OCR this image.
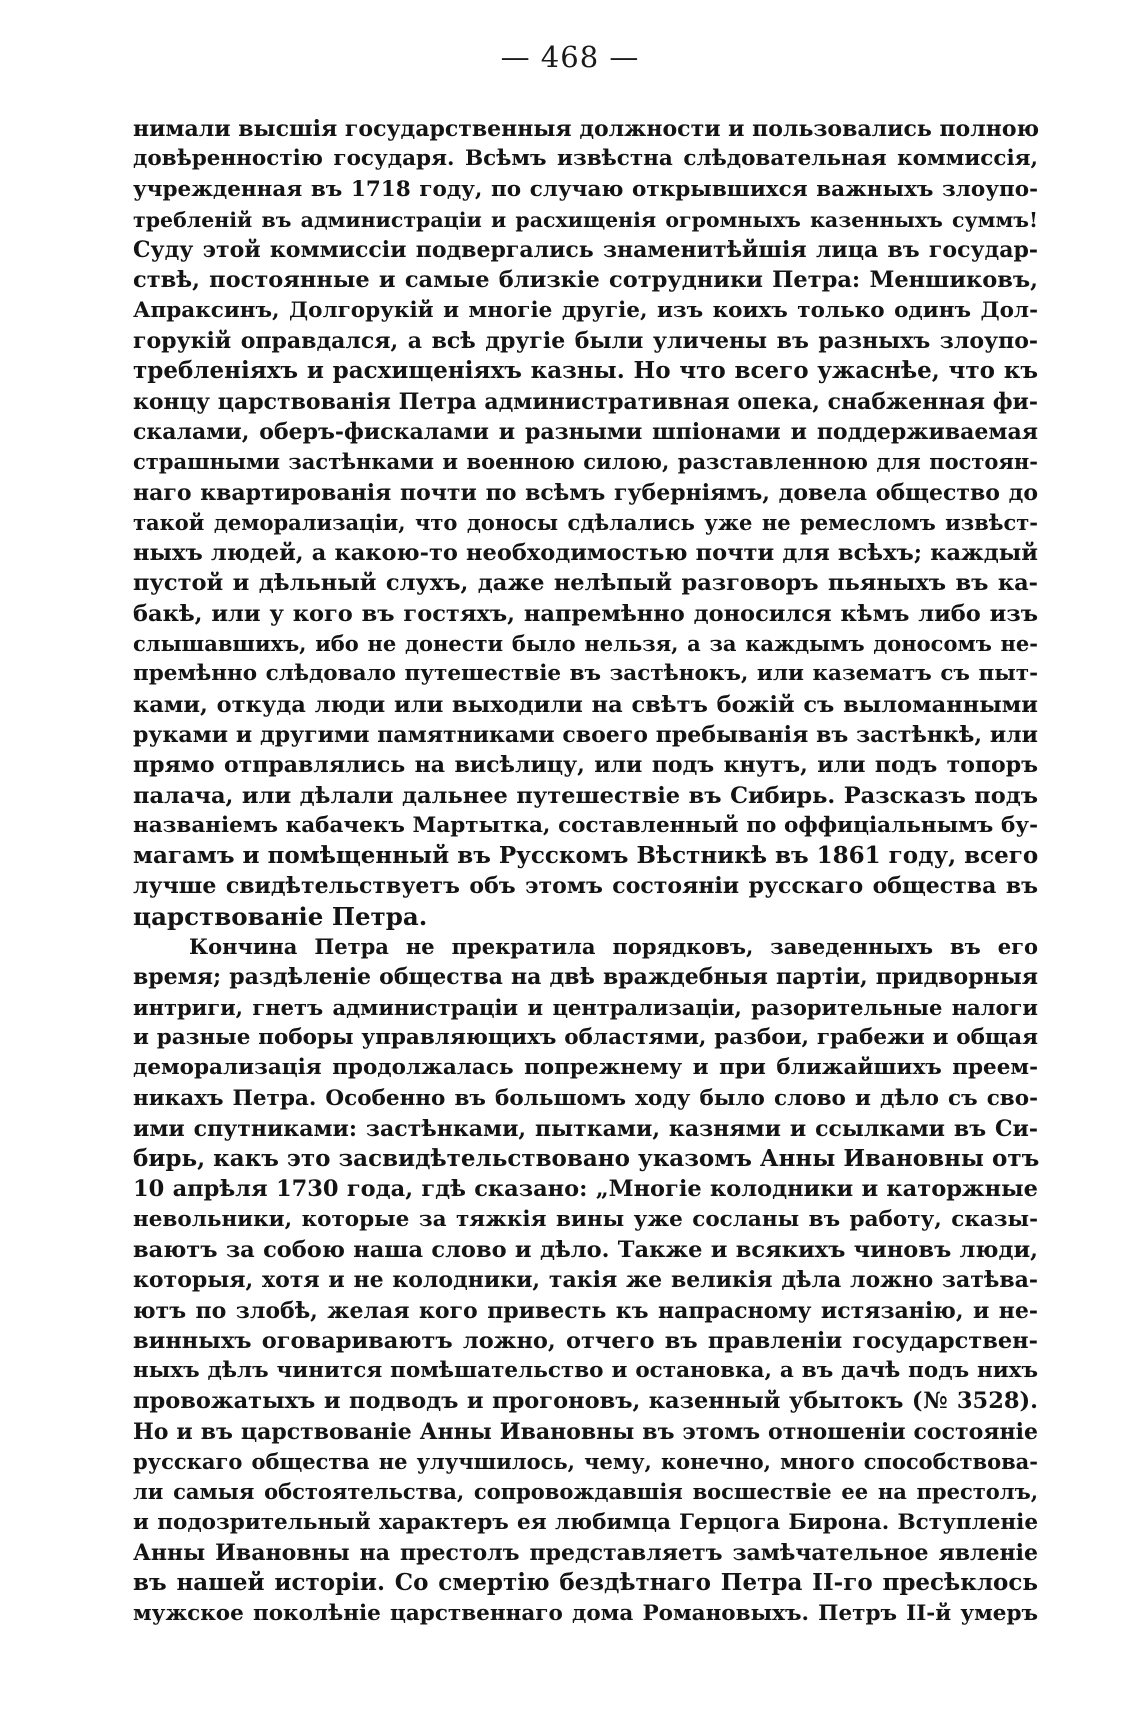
— 468 —
нимали высшiя государственныя должности и пользовались полною
довѣренностiю государя. Всѣмъ извѣстна слѣдовательная коммиссiя,
учрежденная въ 1718 году, по случаю открывшихся важныхъ злоупо-
требленiй въ администрацiи и расхищенiя огромныхъ казенныхъ суммъ!
Суду этой коммиссiи подвергались знаменитѣйшiя лица въ государ-
ствѣ, постоянные и самые близкiе сотрудники Петра: Меншиковъ,
Апраксинъ, Долгорукiй и многiе другiе, изъ коихъ только одинъ Дол-
горукiй оправдался, а всѣ другiе были уличены въ разныхъ злоупо-
требленiяхъ и расхищенiяхъ казны. Но что всего ужаснѣе, что къ
концу царствованiя Петра административная опека, снабженная фи-
скалами, оберъ-фискалами и разными шпiонами и поддерживаемая
страшными застѣнками и военною силою, разставленною для постоян-
наго квартированiя почти по всѣмъ губернiямъ, довела общество до
такой деморализацiи, что доносы сдѣлались уже не ремесломъ извѣст-
ныхъ людей, а какою-то необходимостью почти для всѣхъ; каждый
пустой и дѣльный слухъ, даже нелѣпый разговоръ пьяныхъ въ ка-
бакѣ, или у кого въ гостяхъ, напремѣнно доносился кѣмъ либо изъ
слышавшихъ, ибо не донести было нельзя, а за каждымъ доносомъ не-
премѣнно слѣдовало путешествiе въ застѣнокъ, или казематъ съ пыт-
ками, откуда люди или выходили на свѣтъ божiй съ выломанными
руками и другими памятниками своего пребыванiя въ застѣнкѣ, или
прямо отправлялись на висѣлицу, или подъ кнутъ, или подъ топоръ
палача, или дѣлали дальнее путешествiе въ Сибирь. Разсказъ подъ
названiемъ кабачекъ Мартытка, составленный по оффицiальнымъ бу-
магамъ и помѣщенный въ Русскомъ Вѣстникѣ въ 1861 году, всего
лучше свидѣтельствуетъ объ этомъ состоянiи русскаго общества въ
царствованiе Петра.
Кончина Петра не прекратила порядковъ, заведенныхъ въ его
время; раздѣленiе общества на двѣ враждебныя партiи, придворныя
интриги, гнетъ администрацiи и централизацiи, разорительные налоги
и разные поборы управляющихъ областями, разбои, грабежи и общая
деморализацiя продолжалась попрежнему и при ближайшихъ преем-
никахъ Петра. Особенно въ большомъ ходу было слово и дѣло съ сво-
ими спутниками: застѣнками, пытками, казнями и ссылками въ Си-
бирь, какъ это засвидѣтельствовано указомъ Анны Ивановны отъ
10 апрѣля 1730 года, гдѣ сказано: „Многiе колодники и каторжные
невольники, которые за тяжкiя вины уже сосланы въ работу, сказы-
ваютъ за собою наша слово и дѣло. Также и всякихъ чиновъ люди,
которыя, хотя и не колодники, такiя же великiя дѣла ложно затѣва-
ютъ по злобѣ, желая кого привесть къ напрасному истязанiю, и не-
винныхъ оговариваютъ ложно, отчего въ правленiи государствен-
ныхъ дѣлъ чинится помѣшательство и остановка, а въ дачѣ подъ нихъ
провожатыхъ и подводъ и прогоновъ, казенный убытокъ (№ 3528).
Но и въ царствованiе Анны Ивановны въ этомъ отношенiи состоянiе
русскаго общества не улучшилось, чему, конечно, много способствова-
ли самыя обстоятельства, сопровождавшiя восшествiе ее на престолъ,
и подозрительный характеръ ея любимца Герцога Бирона. Вступленiе
Анны Ивановны на престолъ представляетъ замѣчательное явленiе
въ нашей исторiи. Со смертiю бездѣтнаго Петра II-го пресѣклось
мужское поколѣнiе царственнаго дома Романовыхъ. Петръ II-й умеръ
